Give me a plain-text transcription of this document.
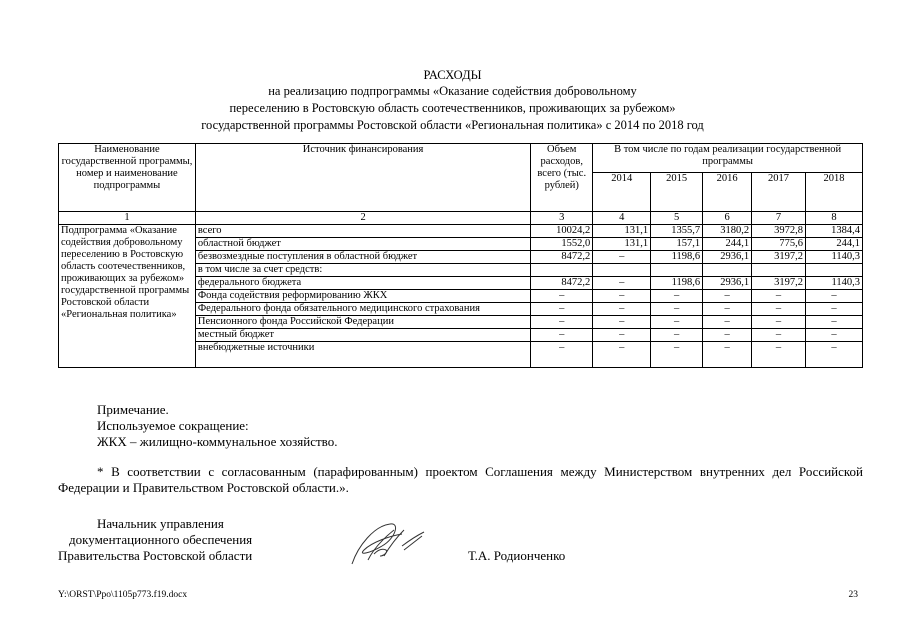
РАСХОДЫ
на реализацию подпрограммы «Оказание содействия добровольному
переселению в Ростовскую область соотечественников, проживающих за рубежом»
государственной программы Ростовской области «Региональная политика» с 2014 по 2018 год
Наименование государственной программы, номер и наименование подпрограммы	Источник финансирования	Объем расходов, всего (тыс. рублей)	В том числе по годам реализации государственной программы				
			2014	2015	2016	2017	2018
1	2	3	4	5	6	7	8
Подпрограмма «Оказание содействия добровольному переселению в Ростовскую область соотечественников, проживающих за рубежом» государственной программы Ростовской области «Региональная политика»	всего	10024,2	131,1	1355,7	3180,2	3972,8	1384,4
	областной бюджет	1552,0	131,1	157,1	244,1	775,6	244,1
	безвозмездные поступления в областной бюджет	8472,2	–	1198,6	2936,1	3197,2	1140,3
	в том числе за счет средств:						
	федерального бюджета	8472,2	–	1198,6	2936,1	3197,2	1140,3
	Фонда содействия реформированию ЖКХ	–	–	–	–	–	–
	Федерального фонда обязательного медицинского страхования	–	–	–	–	–	–
	Пенсионного фонда Российской Федерации	–	–	–	–	–	–
	местный бюджет	–	–	–	–	–	–
	внебюджетные источники	–	–	–	–	–	–
Примечание.
Используемое сокращение:
ЖКХ – жилищно-коммунальное хозяйство.
* В соответствии с согласованным (парафированным) проектом Соглашения между Министерством внутренних дел Российской Федерации и Правительством Ростовской области.».
Начальник управления
документационного обеспечения
Правительства Ростовской области	Т.А. Родионченко
Y:\ORST\Ppo\1105p773.f19.docx	23
